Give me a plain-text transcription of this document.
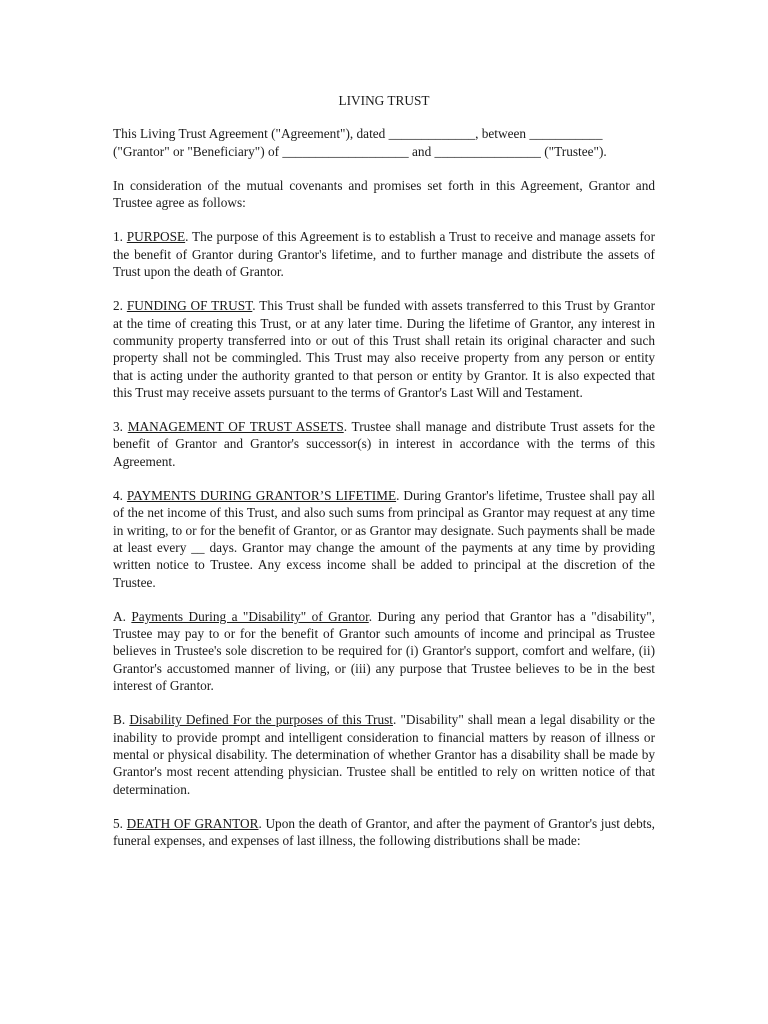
LIVING TRUST

This Living Trust Agreement ("Agreement"), dated _____________, between ___________
("Grantor" or "Beneficiary") of ___________________ and ________________ ("Trustee").

In consideration of the mutual covenants and promises set forth in this Agreement, Grantor and Trustee agree as follows:

1. PURPOSE. The purpose of this Agreement is to establish a Trust to receive and manage assets for the benefit of Grantor during Grantor's lifetime, and to further manage and distribute the assets of Trust upon the death of Grantor.

2. FUNDING OF TRUST. This Trust shall be funded with assets transferred to this Trust by Grantor at the time of creating this Trust, or at any later time. During the lifetime of Grantor, any interest in community property transferred into or out of this Trust shall retain its original character and such property shall not be commingled. This Trust may also receive property from any person or entity that is acting under the authority granted to that person or entity by Grantor. It is also expected that this Trust may receive assets pursuant to the terms of Grantor's Last Will and Testament.

3. MANAGEMENT OF TRUST ASSETS. Trustee shall manage and distribute Trust assets for the benefit of Grantor and Grantor's successor(s) in interest in accordance with the terms of this Agreement.

4. PAYMENTS DURING GRANTOR’S LIFETIME. During Grantor's lifetime, Trustee shall pay all of the net income of this Trust, and also such sums from principal as Grantor may request at any time in writing, to or for the benefit of Grantor, or as Grantor may designate. Such payments shall be made at least every __ days. Grantor may change the amount of the payments at any time by providing written notice to Trustee. Any excess income shall be added to principal at the discretion of the Trustee.

A. Payments During a "Disability" of Grantor. During any period that Grantor has a "disability", Trustee may pay to or for the benefit of Grantor such amounts of income and principal as Trustee believes in Trustee's sole discretion to be required for (i) Grantor's support, comfort and welfare, (ii) Grantor's accustomed manner of living, or (iii) any purpose that Trustee believes to be in the best interest of Grantor.

B. Disability Defined For the purposes of this Trust. "Disability" shall mean a legal disability or the inability to provide prompt and intelligent consideration to financial matters by reason of illness or mental or physical disability. The determination of whether Grantor has a disability shall be made by Grantor's most recent attending physician. Trustee shall be entitled to rely on written notice of that determination.

5. DEATH OF GRANTOR. Upon the death of Grantor, and after the payment of Grantor's just debts, funeral expenses, and expenses of last illness, the following distributions shall be made:
